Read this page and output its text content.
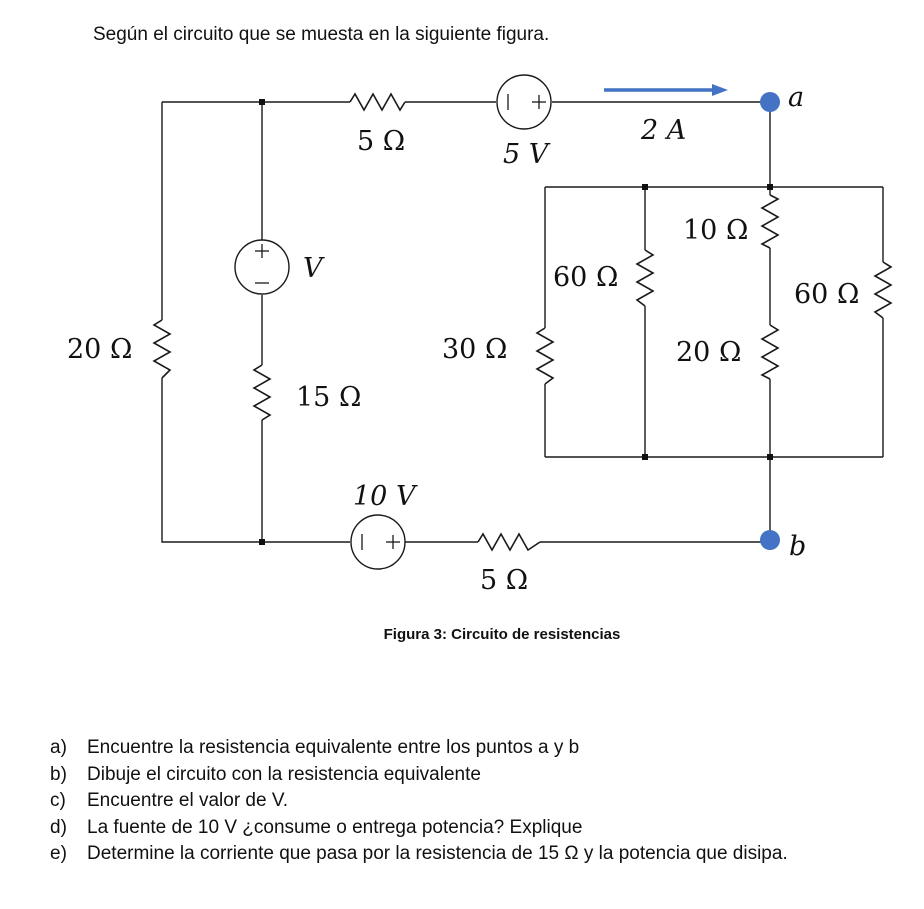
Según el circuito que se muesta en la siguiente figura.
5 Ω	5 V
2 A
a
b
10 Ω
V	60 Ω
60 Ω
20 Ω	30 Ω	20 Ω
15 Ω
10 V
5 Ω
Figura 3: Circuito de resistencias
a) Encuentre la resistencia equivalente entre los puntos a y b
b) Dibuje el circuito con la resistencia equivalente
c) Encuentre el valor de V.
d) La fuente de 10 V ¿consume o entrega potencia? Explique
e) Determine la corriente que pasa por la resistencia de 15 Ω y la potencia que disipa.
